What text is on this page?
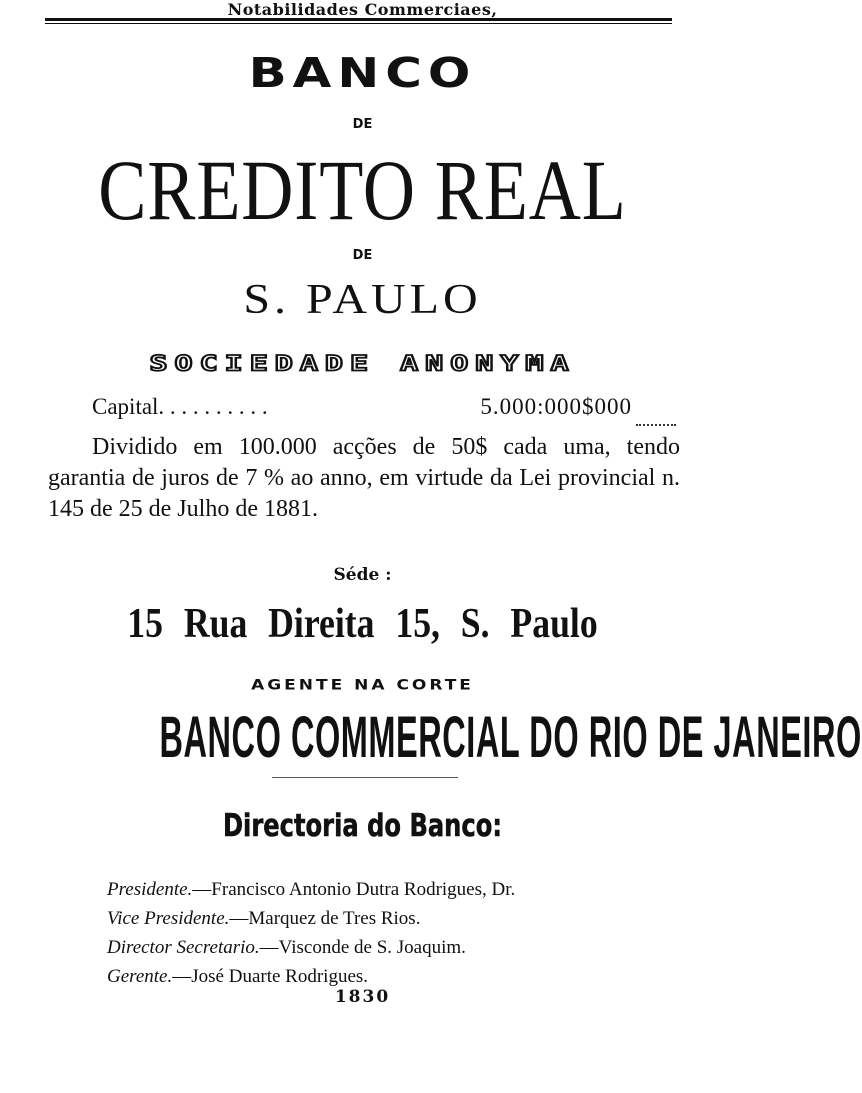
Notabilidades Commerciaes,
BANCO
DE
CREDITO REAL
DE
S. PAULO
SOCIEDADE ANONYMA
Capital. . . . . . . . . .	5.000:000$000
Dividido em 100.000 acções de 50$ cada uma, tendo garantia de juros de 7 % ao anno, em virtude da Lei provincial n. 145 de 25 de Julho de 1881.
Séde :
15 Rua Direita 15, S. Paulo
AGENTE NA CORTE
BANCO COMMERCIAL DO RIO DE JANEIRO
Directoria do Banco:
Presidente.—Francisco Antonio Dutra Rodrigues, Dr.
Vice Presidente.—Marquez de Tres Rios.
Director Secretario.—Visconde de S. Joaquim.
Gerente.—José Duarte Rodrigues.
1830
